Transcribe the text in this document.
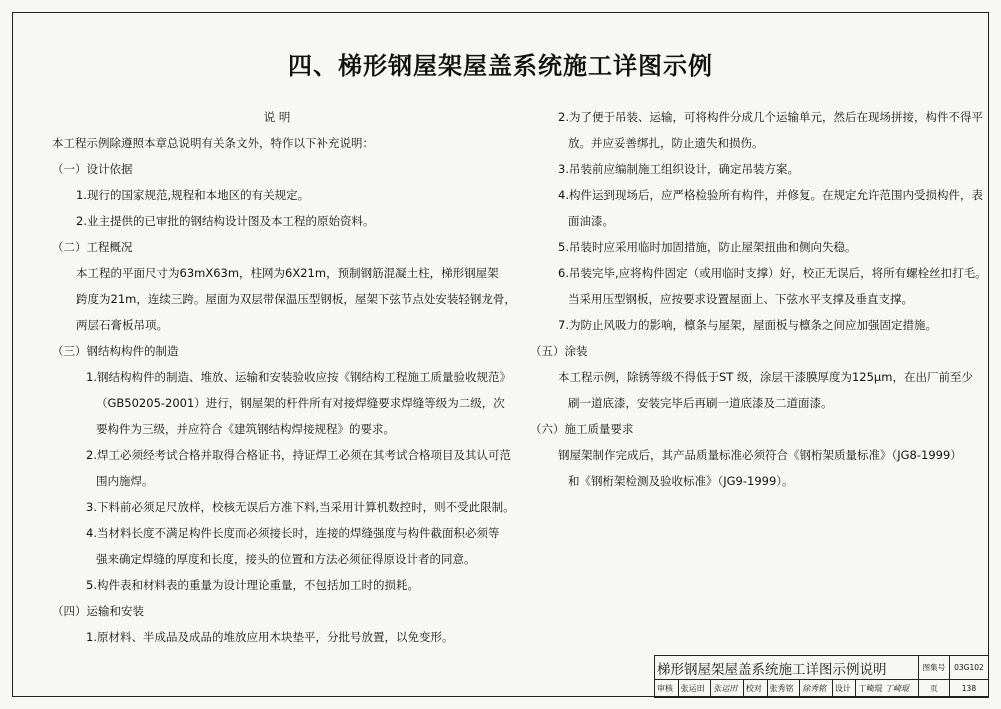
四、梯形钢屋架屋盖系统施工详图示例
说 明
本工程示例除遵照本章总说明有关条文外，特作以下补充说明：
（一）设计依据
1.现行的国家规范,规程和本地区的有关规定。
2.业主提供的已审批的钢结构设计图及本工程的原始资料。
（二）工程概况
本工程的平面尺寸为63mX63m，柱网为6X21m，预制钢筋混凝土柱，梯形钢屋架
跨度为21m，连续三跨。屋面为双层带保温压型钢板，屋架下弦节点处安装轻钢龙骨，
两层石膏板吊项。
（三）钢结构构件的制造
1.钢结构构件的制造、堆放、运输和安装验收应按《钢结构工程施工质量验收规范》
（GB50205-2001）进行，钢屋架的杆件所有对接焊缝要求焊缝等级为二级，次
要构件为三级，并应符合《建筑钢结构焊接规程》的要求。
2.焊工必须经考试合格并取得合格证书，持证焊工必须在其考试合格项目及其认可范
围内施焊。
3.下料前必须足尺放样，校核无误后方准下料,当采用计算机数控时，则不受此限制。
4.当材料长度不满足构件长度而必须接长时，连接的焊缝强度与构件截面积必须等
强来确定焊缝的厚度和长度，接头的位置和方法必须征得原设计者的同意。
5.构件表和材料表的重量为设计理论重量，不包括加工时的损耗。
（四）运输和安装
1.原材料、半成品及成品的堆放应用木块垫平，分批号放置，以免变形。
2.为了便于吊装、运输，可将构件分成几个运输单元，然后在现场拼接，构件不得平
放。并应妥善绑扎，防止遗失和损伤。
3.吊装前应编制施工组织设计，确定吊装方案。
4.构件运到现场后，应严格检验所有构件，并修复。在规定允许范围内受损构件，表
面油漆。
5.吊装时应采用临时加固措施，防止屋架扭曲和侧向失稳。
6.吊装完毕,应将构件固定（或用临时支撑）好，校正无误后，将所有螺栓丝扣打毛。
当采用压型钢板，应按要求设置屋面上、下弦水平支撑及垂直支撑。
7.为防止风吸力的影响，檩条与屋架，屋面板与檩条之间应加强固定措施。
（五）涂装
本工程示例，除锈等级不得低于ST 级，涂层干漆膜厚度为125μm，在出厂前至少
刷一道底漆，安装完毕后再刷一道底漆及二道面漆。
（六）施工质量要求
钢屋架制作完成后，其产品质量标准必须符合《钢桁架质量标准》（JG8-1999）
和《钢桁架检测及验收标准》（JG9-1999）。
梯形钢屋架屋盖系统施工详图示例说明								图集号	03G102
审核	张运田	张运田	校对	张秀铭	徐秀铭	设计	丁崎琨 丁崎琨	页	138
